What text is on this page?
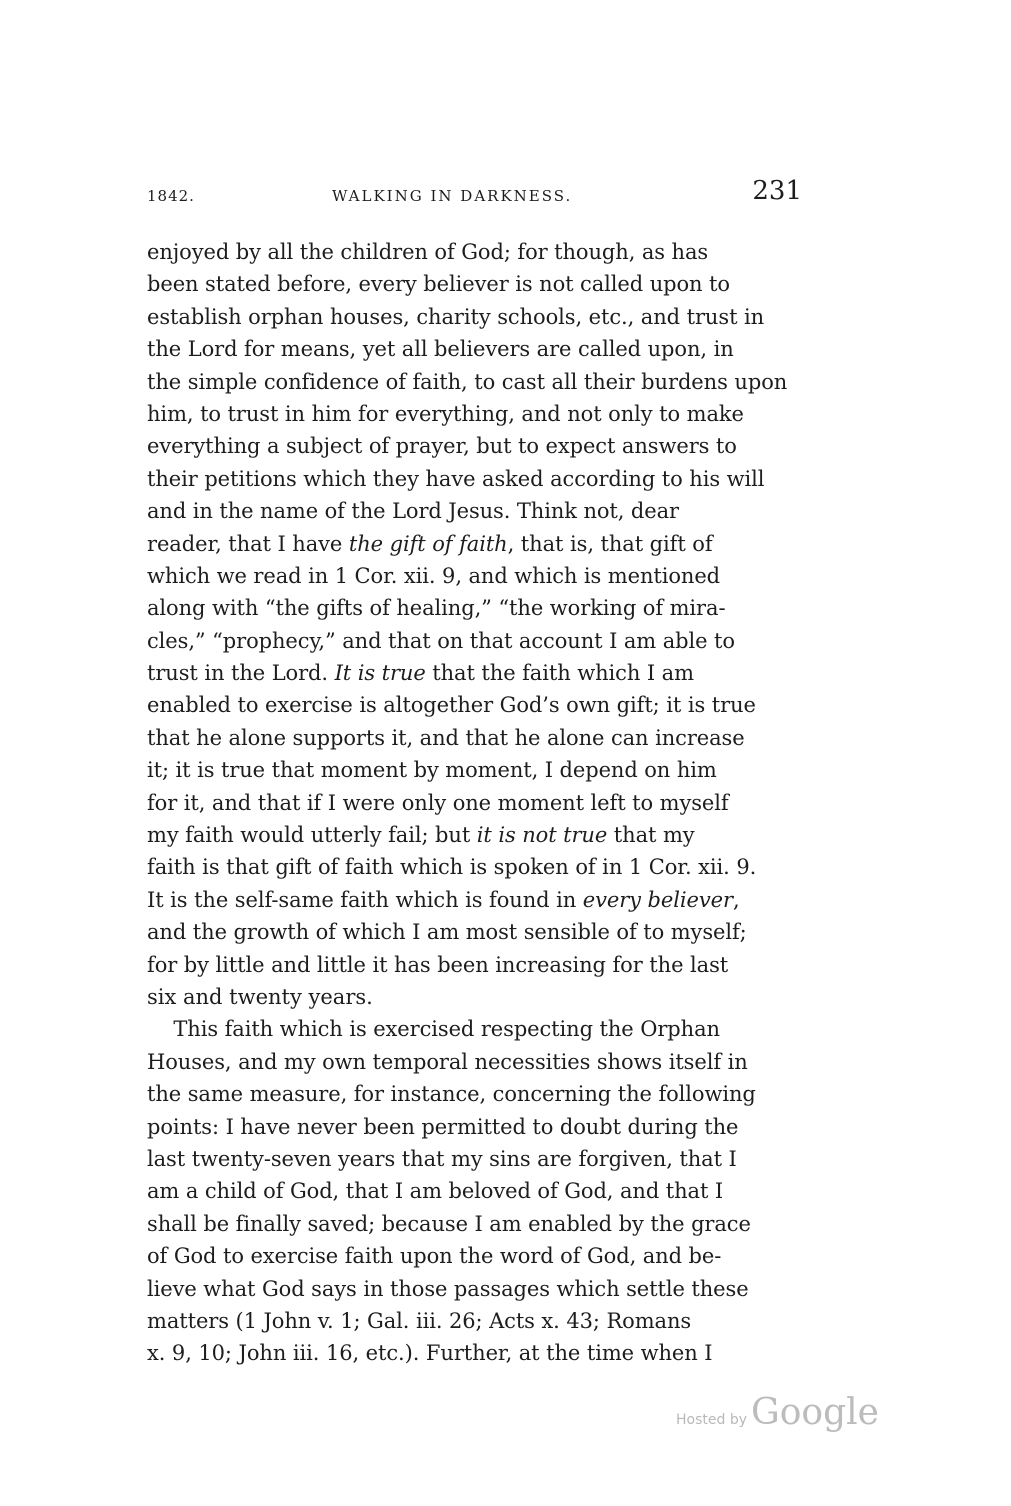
1842.	WALKING IN DARKNESS.	231
enjoyed by all the children of God; for though, as has
been stated before, every believer is not called upon to
establish orphan houses, charity schools, etc., and trust in
the Lord for means, yet all believers are called upon, in
the simple confidence of faith, to cast all their burdens upon
him, to trust in him for everything, and not only to make
everything a subject of prayer, but to expect answers to
their petitions which they have asked according to his will
and in the name of the Lord Jesus. Think not, dear
reader, that I have the gift of faith, that is, that gift of
which we read in 1 Cor. xii. 9, and which is mentioned
along with “the gifts of healing,” “the working of mira-
cles,” “prophecy,” and that on that account I am able to
trust in the Lord. It is true that the faith which I am
enabled to exercise is altogether God’s own gift; it is true
that he alone supports it, and that he alone can increase
it; it is true that moment by moment, I depend on him
for it, and that if I were only one moment left to myself
my faith would utterly fail; but it is not true that my
faith is that gift of faith which is spoken of in 1 Cor. xii. 9.
It is the self-same faith which is found in every believer,
and the growth of which I am most sensible of to myself;
for by little and little it has been increasing for the last
six and twenty years.
This faith which is exercised respecting the Orphan
Houses, and my own temporal necessities shows itself in
the same measure, for instance, concerning the following
points: I have never been permitted to doubt during the
last twenty-seven years that my sins are forgiven, that I
am a child of God, that I am beloved of God, and that I
shall be finally saved; because I am enabled by the grace
of God to exercise faith upon the word of God, and be-
lieve what God says in those passages which settle these
matters (1 John v. 1; Gal. iii. 26; Acts x. 43; Romans
x. 9, 10; John iii. 16, etc.). Further, at the time when I
Hosted by Google
